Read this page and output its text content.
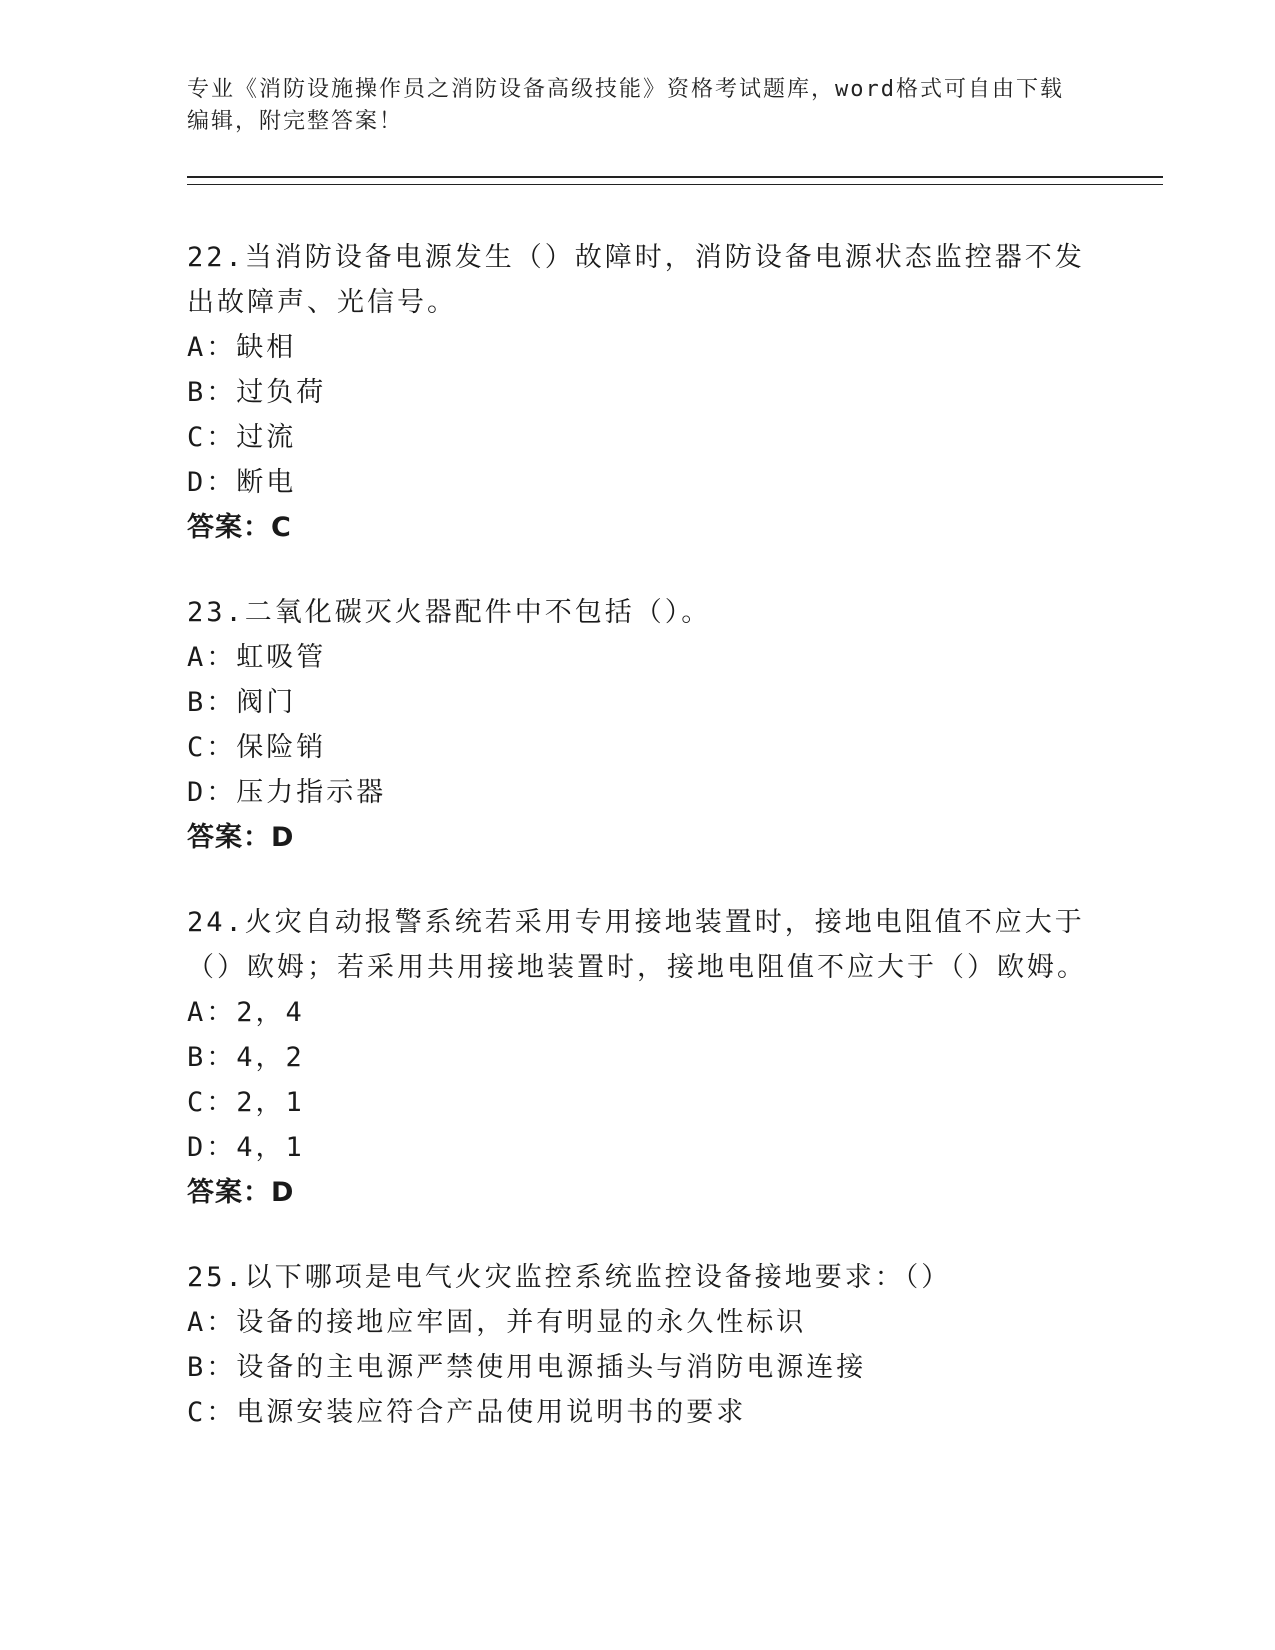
专业《消防设施操作员之消防设备高级技能》资格考试题库，word格式可自由下载编辑，附完整答案！

22.当消防设备电源发生（）故障时，消防设备电源状态监控器不发出故障声、光信号。

A：缺相

B：过负荷

C：过流

D：断电

答案：C

23.二氧化碳灭火器配件中不包括（）。

A：虹吸管

B：阀门

C：保险销

D：压力指示器

答案：D

24.火灾自动报警系统若采用专用接地装置时，接地电阻值不应大于（）欧姆；若采用共用接地装置时，接地电阻值不应大于（）欧姆。

A：2，4

B：4，2

C：2，1

D：4，1

答案：D

25.以下哪项是电气火灾监控系统监控设备接地要求：（）

A：设备的接地应牢固，并有明显的永久性标识

B：设备的主电源严禁使用电源插头与消防电源连接

C：电源安装应符合产品使用说明书的要求
